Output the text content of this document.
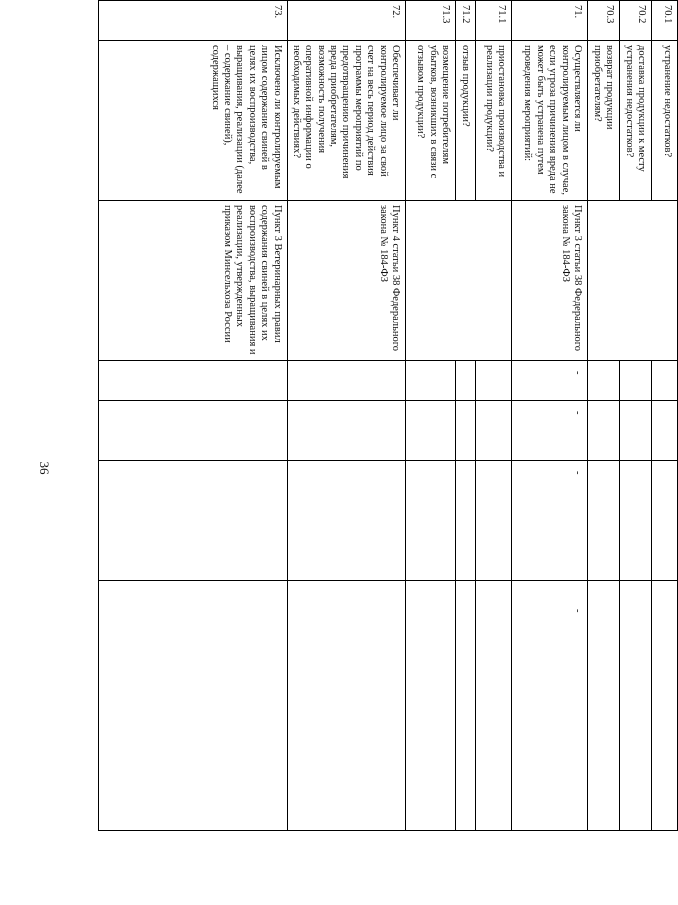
36
70.1	устранение недостатков?					
70.2	доставка продукции к месту устранения недостатков?					
70.3	возврат продукции приобретателям?					
71.	Осуществляется ли контролируемым лицом в случае, если угроза причинения вреда не может быть устранена путем проведения мероприятий:	Пункт 3 статьи 38 Федерального закона № 184-ФЗ	-	-	-	-
71.1	приостановка производства и реализации продукции?					
71.2	отзыв продукции?					
71.3	возмещение потребителям убытков, возникших в связи с отзывом продукции?					
72.	Обеспечивает ли контролируемое лицо за свой счет на весь период действия программы мероприятий по предотвращению причинения вреда приобретателям, возможность получения оперативной информации о необходимых действиях?	Пункт 4 статьи 38 Федерального закона № 184-ФЗ				
73.	Исключено ли контролируемым лицом содержание свиней в целях их воспроизводства, выращивания, реализации (далее – содержание свиней), содержащихся	Пункт 3 Ветеринарных правил содержания свиней в целях их воспроизводства, выращивания и реализации, утвержденных приказом Минсельхоза России				
